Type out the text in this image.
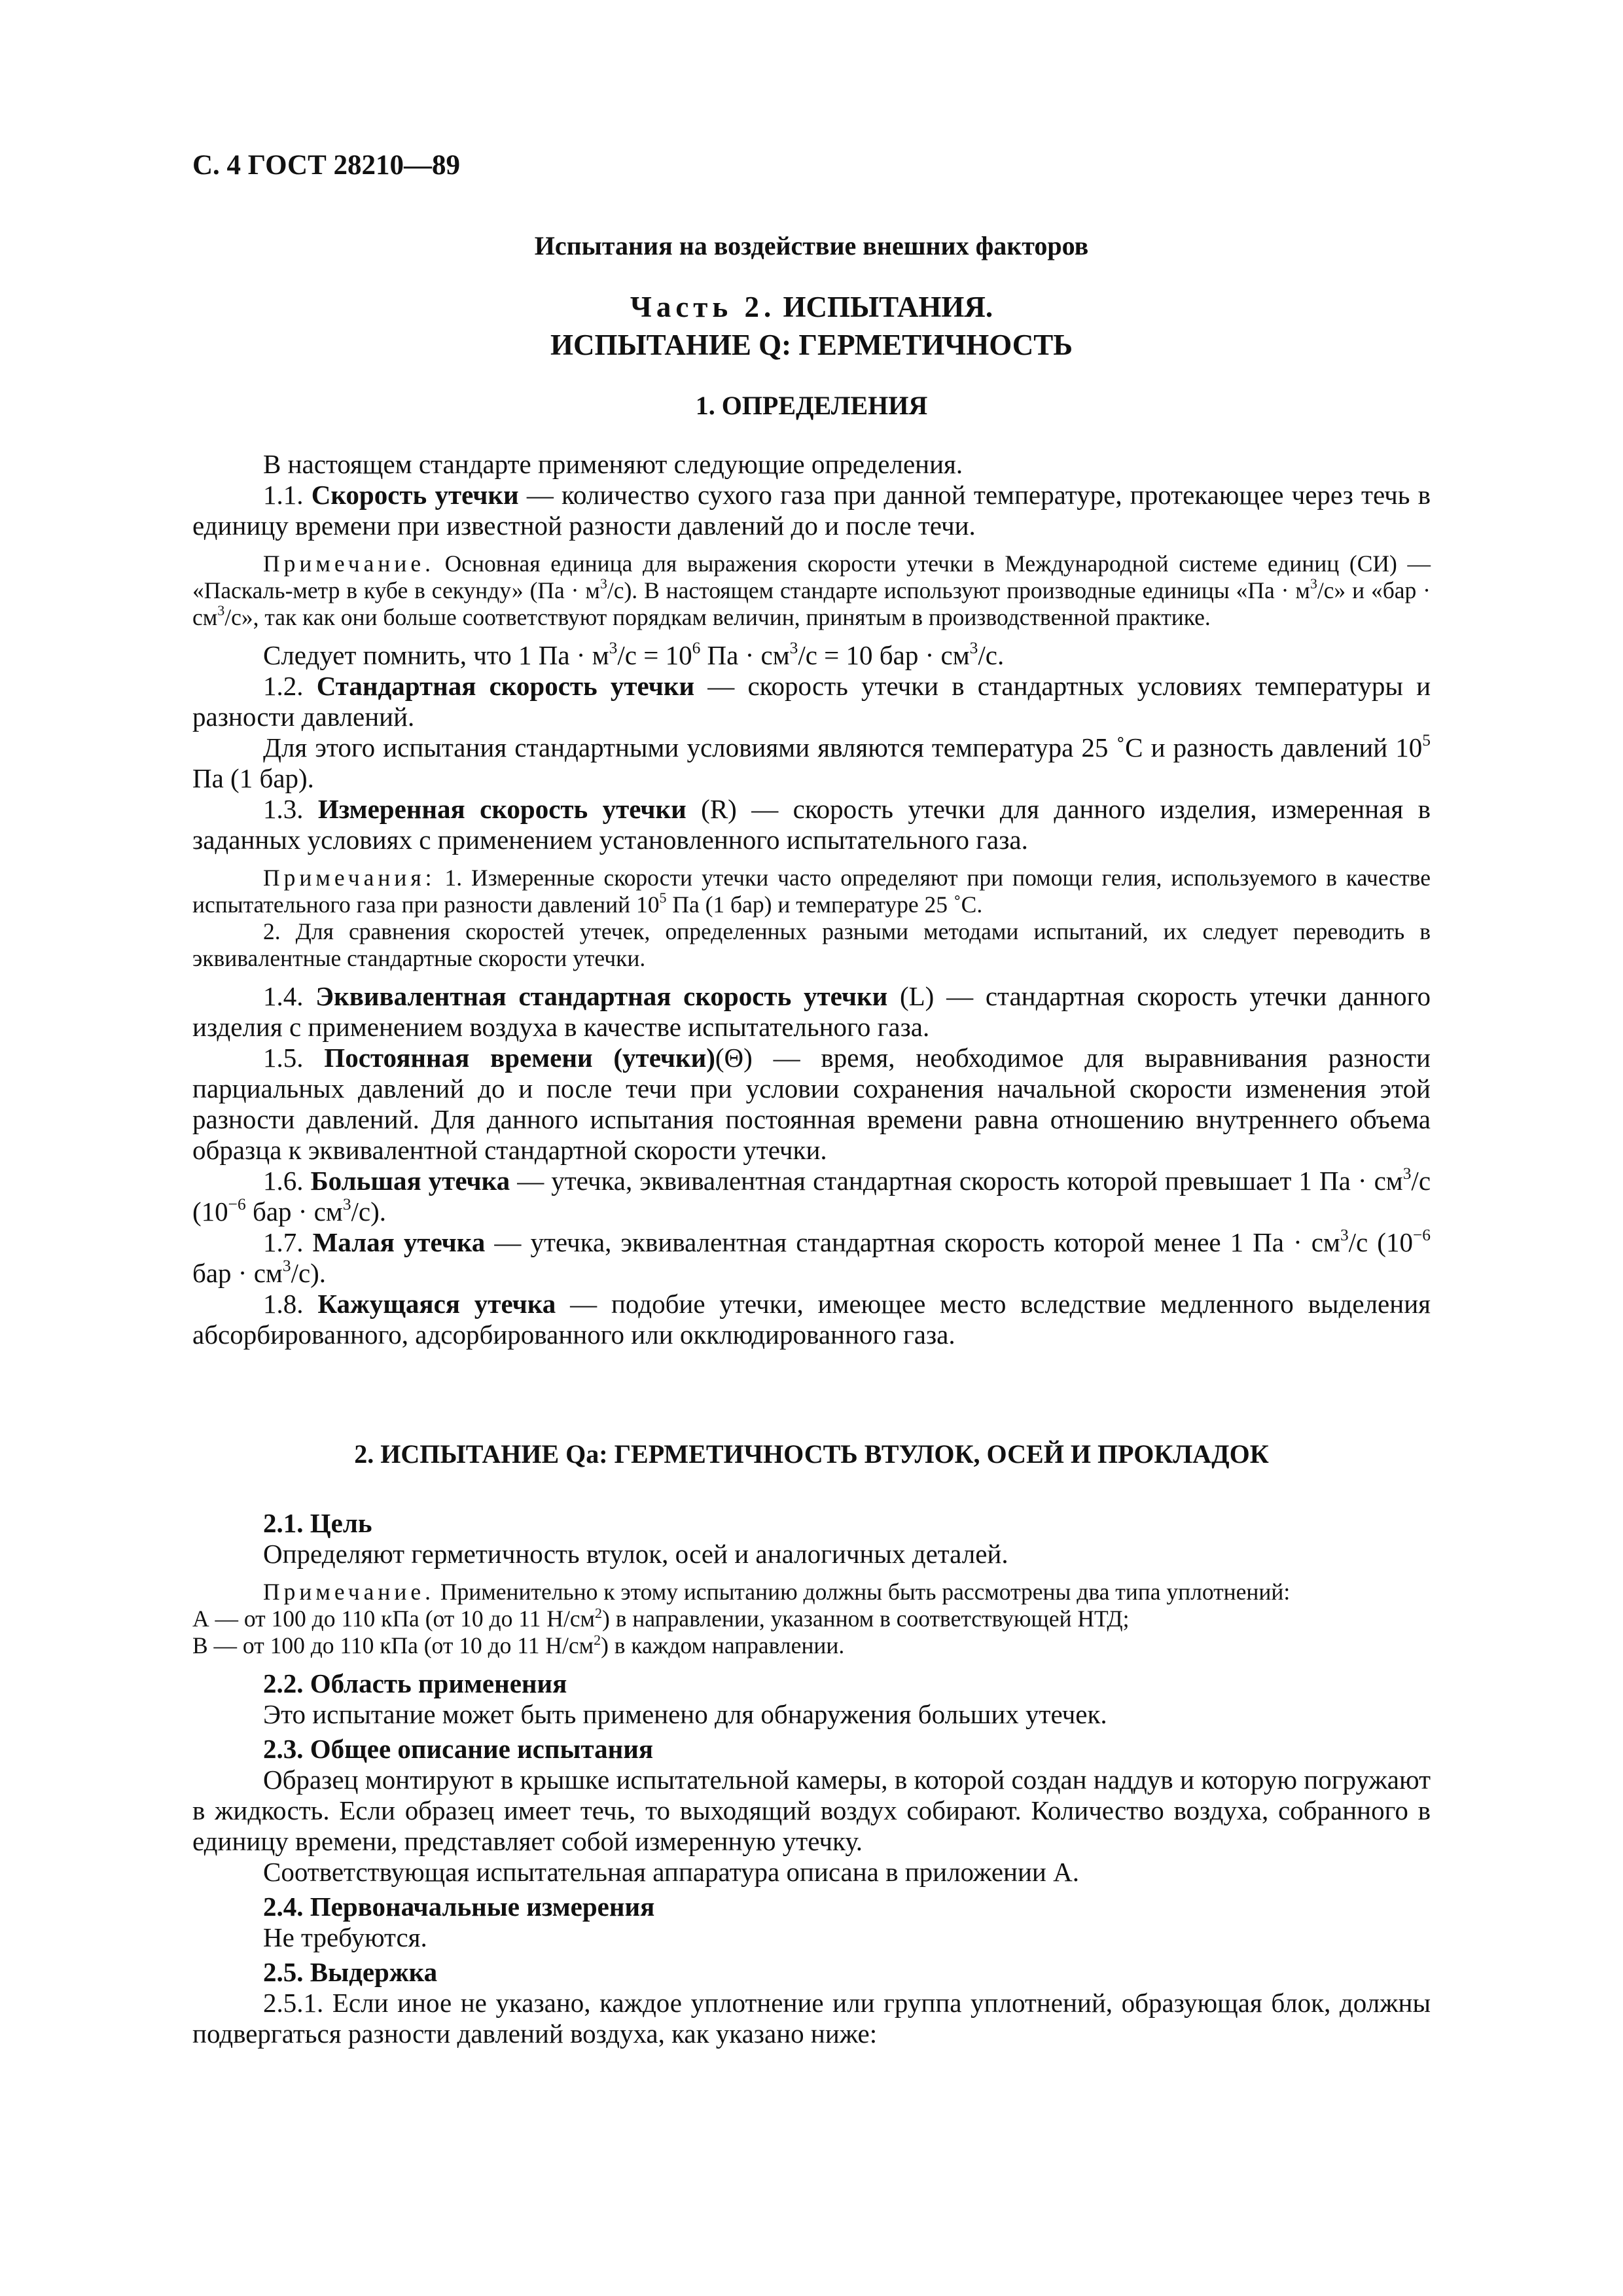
С. 4 ГОСТ 28210—89
Испытания на воздействие внешних факторов
Часть 2. ИСПЫТАНИЯ.
ИСПЫТАНИЕ Q: ГЕРМЕТИЧНОСТЬ
1. ОПРЕДЕЛЕНИЯ

В настоящем стандарте применяют следующие определения.

1.1. Скорость утечки — количество сухого газа при данной температуре, протекающее через течь в единицу времени при известной разности давлений до и после течи.

Примечание. Основная единица для выражения скорости утечки в Международной системе единиц (СИ) — «Паскаль-метр в кубе в секунду» $(Па \cdot м^3/с)$. В настоящем стандарте используют производные единицы «Па · $м^3/с$» и «бар · $см^3/с$», так как они больше соответствуют порядкам величин, принятым в производственной практике.

Следует помнить, что 1 Па · $м^3/с = 10^6$ Па · $см^3/с = 10$ бар · $см^3/с$.

1.2. Стандартная скорость утечки — скорость утечки в стандартных условиях температуры и разности давлений.

Для этого испытания стандартными условиями являются температура 25 ˚С и разность давлений $10^5$ Па (1 бар).

1.3. Измеренная скорость утечки (R) — скорость утечки для данного изделия, измеренная в заданных условиях с применением установленного испытательного газа.

Примечания: 1. Измеренные скорости утечки часто определяют при помощи гелия, используемого в качестве испытательного газа при разности давлений $10^5$ Па (1 бар) и температуре 25 ˚С.

2. Для сравнения скоростей утечек, определенных разными методами испытаний, их следует переводить в эквивалентные стандартные скорости утечки.

1.4. Эквивалентная стандартная скорость утечки (L) — стандартная скорость утечки данного изделия с применением воздуха в качестве испытательного газа.

1.5. Постоянная времени (утечки)(Θ) — время, необходимое для выравнивания разности парциальных давлений до и после течи при условии сохранения начальной скорости изменения этой разности давлений. Для данного испытания постоянная времени равна отношению внутреннего объема образца к эквивалентной стандартной скорости утечки.

1.6. Большая утечка — утечка, эквивалентная стандартная скорость которой превышает 1 Па · $см^3/с$ ($10^{-6}$ бар · $см^3/с$).

1.7. Малая утечка — утечка, эквивалентная стандартная скорость которой менее 1 Па · $см^3/с$ ($10^{-6}$ бар · $см^3/с$).

1.8. Кажущаяся утечка — подобие утечки, имеющее место вследствие медленного выделения абсорбированного, адсорбированного или окклюдированного газа.

2. ИСПЫТАНИЕ Qa: ГЕРМЕТИЧНОСТЬ ВТУЛОК, ОСЕЙ И ПРОКЛАДОК

2.1. Цель

Определяют герметичность втулок, осей и аналогичных деталей.

Примечание. Применительно к этому испытанию должны быть рассмотрены два типа уплотнений:
А — от 100 до 110 кПа (от 10 до 11 $Н/см^2$) в направлении, указанном в соответствующей НТД;
В — от 100 до 110 кПа (от 10 до 11 $Н/см^2$) в каждом направлении.

2.2. Область применения

Это испытание может быть применено для обнаружения больших утечек.

2.3. Общее описание испытания

Образец монтируют в крышке испытательной камеры, в которой создан наддув и которую погружают в жидкость. Если образец имеет течь, то выходящий воздух собирают. Количество воздуха, собранного в единицу времени, представляет собой измеренную утечку.

Соответствующая испытательная аппаратура описана в приложении А.

2.4. Первоначальные измерения

Не требуются.

2.5. Выдержка

2.5.1. Если иное не указано, каждое уплотнение или группа уплотнений, образующая блок, должны подвергаться разности давлений воздуха, как указано ниже:
